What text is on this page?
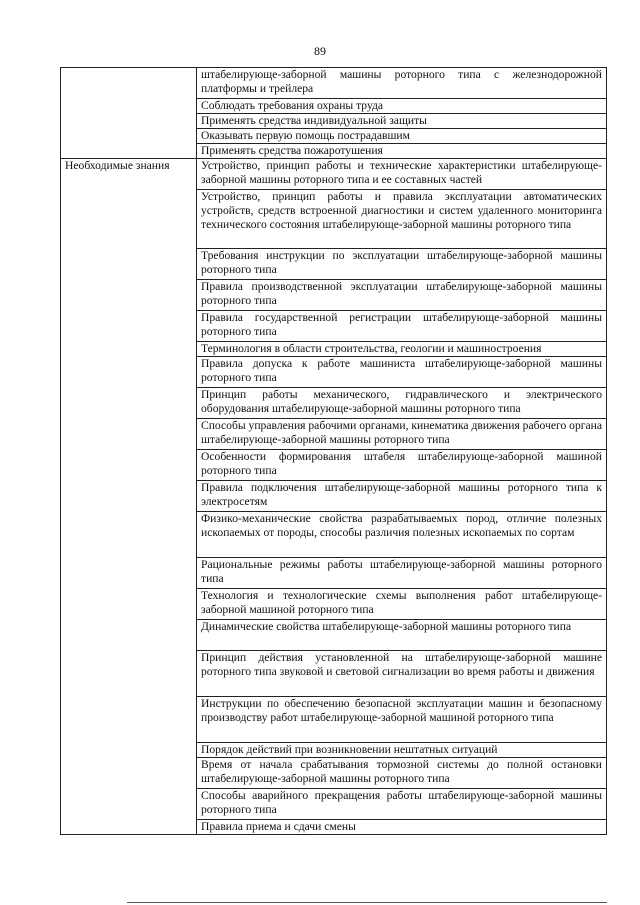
89
	штабелирующе-заборной машины роторного типа с железнодорожной платформы и трейлера
	Соблюдать требования охраны труда
	Применять средства индивидуальной защиты
	Оказывать первую помощь пострадавшим
	Применять средства пожаротушения
Необходимые знания	Устройство, принцип работы и технические характеристики штабелирующе-заборной машины роторного типа и ее составных частей
	Устройство, принцип работы и правила эксплуатации автоматических устройств, средств встроенной диагностики и систем удаленного мониторинга технического состояния штабелирующе-заборной машины роторного типа
	Требования инструкции по эксплуатации штабелирующе-заборной машины роторного типа
	Правила производственной эксплуатации штабелирующе-заборной машины роторного типа
	Правила государственной регистрации штабелирующе-заборной машины роторного типа
	Терминология в области строительства, геологии и машиностроения
	Правила допуска к работе машиниста штабелирующе-заборной машины роторного типа
	Принцип работы механического, гидравлического и электрического оборудования штабелирующе-заборной машины роторного типа
	Способы управления рабочими органами, кинематика движения рабочего органа штабелирующе-заборной машины роторного типа
	Особенности формирования штабеля штабелирующе-заборной машиной роторного типа
	Правила подключения штабелирующе-заборной машины роторного типа к электросетям
	Физико-механические свойства разрабатываемых пород, отличие полезных ископаемых от породы, способы различия полезных ископаемых по сортам
	Рациональные режимы работы штабелирующе-заборной машины роторного типа
	Технология и технологические схемы выполнения работ штабелирующе-заборной машиной роторного типа
	Динамические свойства штабелирующе-заборной машины роторного типа
	Принцип действия установленной на штабелирующе-заборной машине роторного типа звуковой и световой сигнализации во время работы и движения
	Инструкции по обеспечению безопасной эксплуатации машин и безопасному производству работ штабелирующе-заборной машиной роторного типа
	Порядок действий при возникновении нештатных ситуаций
	Время от начала срабатывания тормозной системы до полной остановки штабелирующе-заборной машины роторного типа
	Способы аварийного прекращения работы штабелирующе-заборной машины роторного типа
	Правила приема и сдачи смены
